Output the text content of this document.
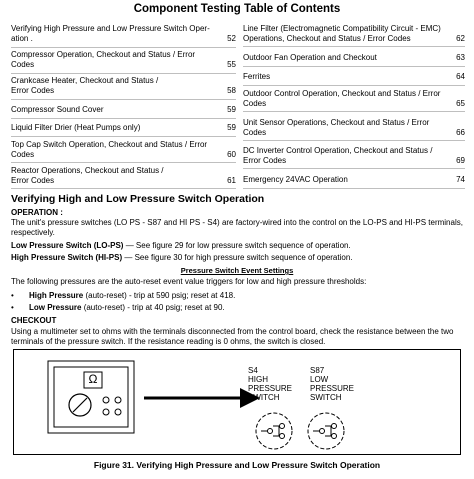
Component Testing Table of Contents
Verifying High Pressure and Low Pressure Switch Oper-
ation .	52
Compressor Operation, Checkout and Status / Error
Codes	55
Crankcase Heater, Checkout and Status /
Error Codes	58
Compressor Sound Cover	59
Liquid Filter Drier (Heat Pumps only)	59
Top Cap Switch Operation, Checkout and Status / Error
Codes	60
Reactor Operations, Checkout and Status /
Error Codes	61
Line Filter (Electromagnetic Compatibility Circuit - EMC)
Operations, Checkout and Status / Error Codes	62
Outdoor Fan Operation and Checkout	63
Ferrites	64
Outdoor Control Operation, Checkout and Status / Error
Codes	65
Unit Sensor Operations, Checkout and Status / Error
Codes	66
DC Inverter Control Operation, Checkout and Status /
Error Codes	69
Emergency 24VAC Operation	74
Verifying High and Low Pressure Switch Operation
OPERATION :
The unit's pressure switches (LO PS - S87 and HI PS - S4) are factory-wired into the control on the LO-PS and HI-PS terminals, respectively.
Low Pressure Switch (LO-PS) — See figure 29 for low pressure switch sequence of operation.
High Pressure Switch (HI-PS) — See figure 30 for high pressure switch sequence of operation.
Pressure Switch Event Settings
The following pressures are the auto-reset event value triggers for low and high pressure thresholds:
• High Pressure (auto-reset) - trip at 590 psig; reset at 418.
• Low Pressure (auto-reset) - trip at 40 psig; reset at 90.
CHECKOUT
Using a multimeter set to ohms with the terminals disconnected from the control board, check the resistance between the two terminals of the pressure switch. If the resistance reading is 0 ohms, the switch is closed.
Ω
S4
HIGH
PRESSURE
SWITCH
S87
LOW
PRESSURE
SWITCH
Figure 31. Verifying High Pressure and Low Pressure Switch Operation
